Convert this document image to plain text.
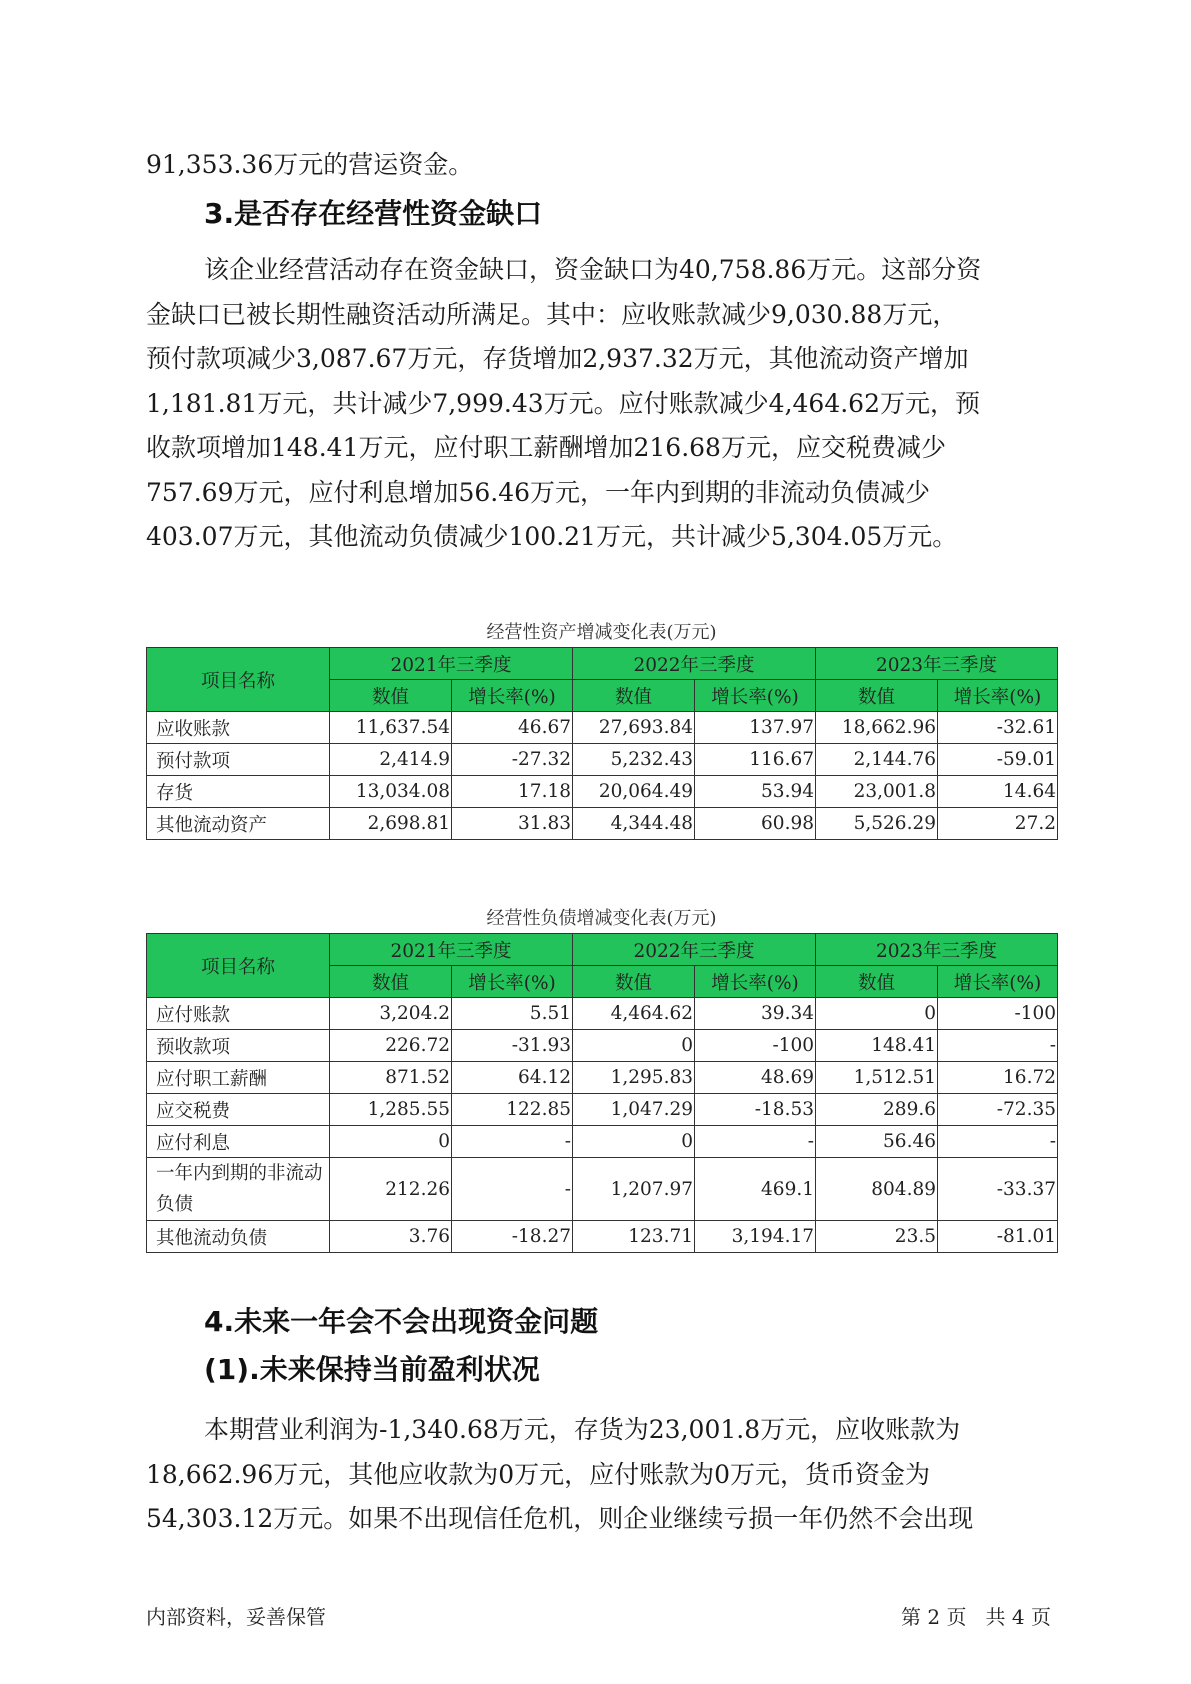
91,353.36万元的营运资金。

3.是否存在经营性资金缺口

该企业经营活动存在资金缺口，资金缺口为40,758.86万元。这部分资
金缺口已被长期性融资活动所满足。其中：应收账款减少9,030.88万元，
预付款项减少3,087.67万元，存货增加2,937.32万元，其他流动资产增加
1,181.81万元，共计减少7,999.43万元。应付账款减少4,464.62万元，预
收款项增加148.41万元，应付职工薪酬增加216.68万元，应交税费减少
757.69万元，应付利息增加56.46万元，一年内到期的非流动负债减少
403.07万元，其他流动负债减少100.21万元，共计减少5,304.05万元。

经营性资产增减变化表(万元)

项目名称	2021年三季度		2022年三季度		2023年三季度	
	数值	增长率(%)	数值	增长率(%)	数值	增长率(%)
应收账款	11,637.54	46.67	27,693.84	137.97	18,662.96	-32.61
预付款项	2,414.9	-27.32	5,232.43	116.67	2,144.76	-59.01
存货	13,034.08	17.18	20,064.49	53.94	23,001.8	14.64
其他流动资产	2,698.81	31.83	4,344.48	60.98	5,526.29	27.2

经营性负债增减变化表(万元)

项目名称	2021年三季度		2022年三季度		2023年三季度	
	数值	增长率(%)	数值	增长率(%)	数值	增长率(%)
应付账款	3,204.2	5.51	4,464.62	39.34	0	-100
预收款项	226.72	-31.93	0	-100	148.41	-
应付职工薪酬	871.52	64.12	1,295.83	48.69	1,512.51	16.72
应交税费	1,285.55	122.85	1,047.29	-18.53	289.6	-72.35
应付利息	0	-	0	-	56.46	-
一年内到期的非流动负债	212.26	-	1,207.97	469.1	804.89	-33.37
其他流动负债	3.76	-18.27	123.71	3,194.17	23.5	-81.01
4.未来一年会不会出现资金问题
(1).未来保持当前盈利状况

本期营业利润为-1,340.68万元，存货为23,001.8万元，应收账款为
18,662.96万元，其他应收款为0万元，应付账款为0万元，货币资金为
54,303.12万元。如果不出现信任危机，则企业继续亏损一年仍然不会出现

内部资料，妥善保管	第 2 页   共 4 页
